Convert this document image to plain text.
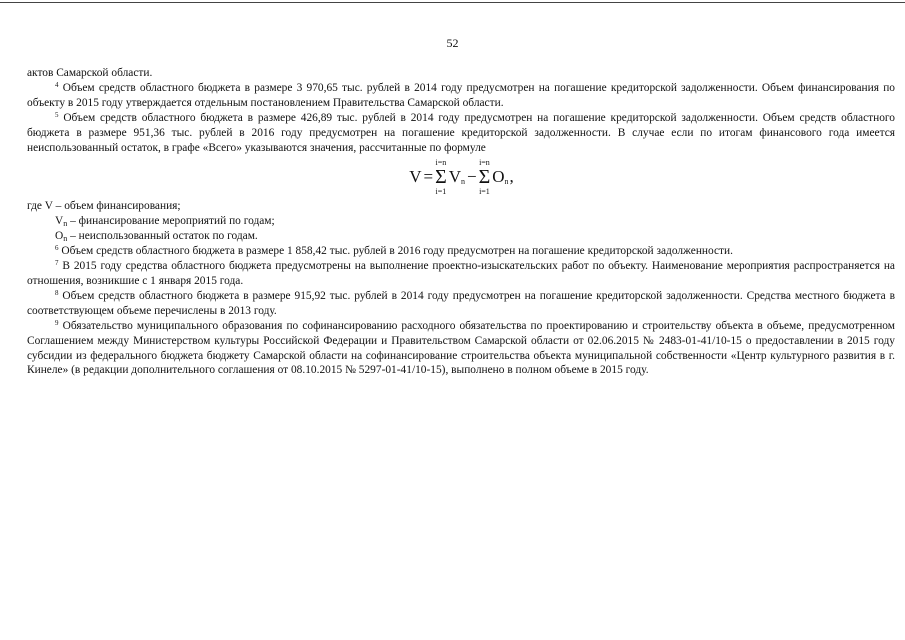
52

актов Самарской области.

$^4$ Объем средств областного бюджета в размере 3 970,65 тыс. рублей в 2014 году предусмотрен на погашение кредиторской задолженности. Объем финансирования по объекту в 2015 году утверждается отдельным постановлением Правительства Самарской области.

$^5$ Объем средств областного бюджета в размере 426,89 тыс. рублей в 2014 году предусмотрен на погашение кредиторской задолженности. Объем средств областного бюджета в размере 951,36 тыс. рублей в 2016 году предусмотрен на погашение кредиторской задолженности. В случае если по итогам финансового года имеется неиспользованный остаток, в графе «Всего» указываются значения, рассчитанные по формуле

V =
i=n
Σ
i=1
$V_n$ −
i=n
Σ
i=1
$O_n$ ,

где V – объем финансирования;

$V_n$ – финансирование мероприятий по годам;

$O_n$ – неиспользованный остаток по годам.

$^6$ Объем средств областного бюджета в размере 1 858,42 тыс. рублей в 2016 году предусмотрен на погашение кредиторской задолженности.

$^7$ В 2015 году средства областного бюджета предусмотрены на выполнение проектно-изыскательских работ по объекту. Наименование мероприятия распространяется на отношения, возникшие с 1 января 2015 года.

$^8$ Объем средств областного бюджета в размере 915,92 тыс. рублей в 2014 году предусмотрен на погашение кредиторской задолженности. Средства местного бюджета в соответствующем объеме перечислены в 2013 году.

$^9$ Обязательство муниципального образования по софинансированию расходного обязательства по проектированию и строительству объекта в объеме, предусмотренном Соглашением между Министерством культуры Российской Федерации и Правительством Самарской области от 02.06.2015 № 2483-01-41/10-15 о предоставлении в 2015 году субсидии из федерального бюджета бюджету Самарской области на софинансирование строительства объекта муниципальной собственности «Центр культурного развития в г. Кинеле» (в редакции дополнительного соглашения от 08.10.2015 № 5297-01-41/10-15), выполнено в полном объеме в 2015 году.
